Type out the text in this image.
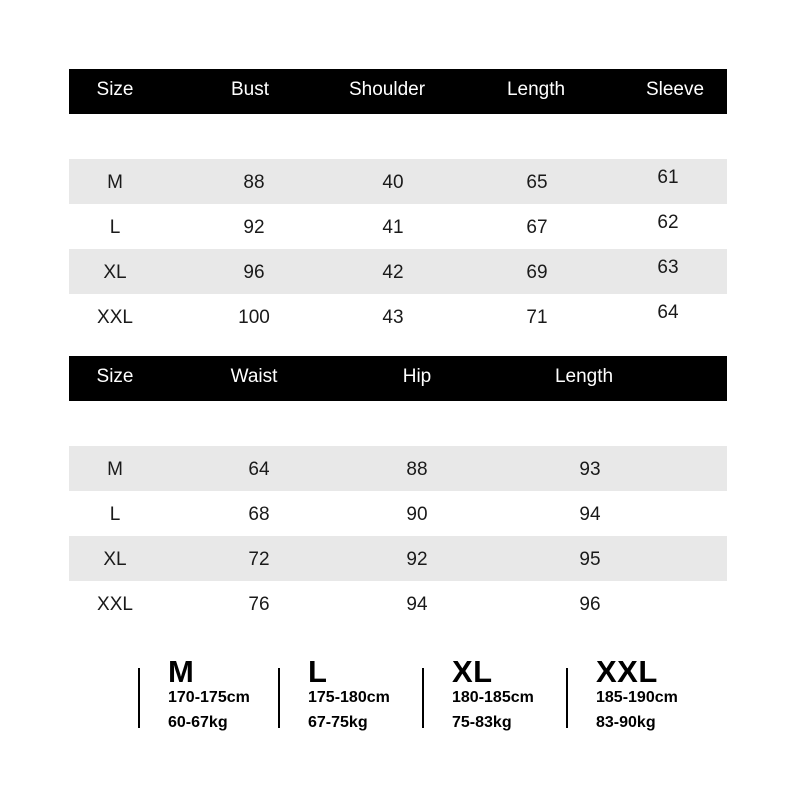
Size	Bust	Shoulder	Length	Sleeve
M	88	40	65	61
L	92	41	67	62
XL	96	42	69	63
XXL	100	43	71	64
Size	Waist	Hip	Length
M	64	88	93
L	68	90	94
XL	72	92	95
XXL	76	94	96
M
170-175cm
60-67kg
L
175-180cm
67-75kg
XL
180-185cm
75-83kg
XXL
185-190cm
83-90kg
